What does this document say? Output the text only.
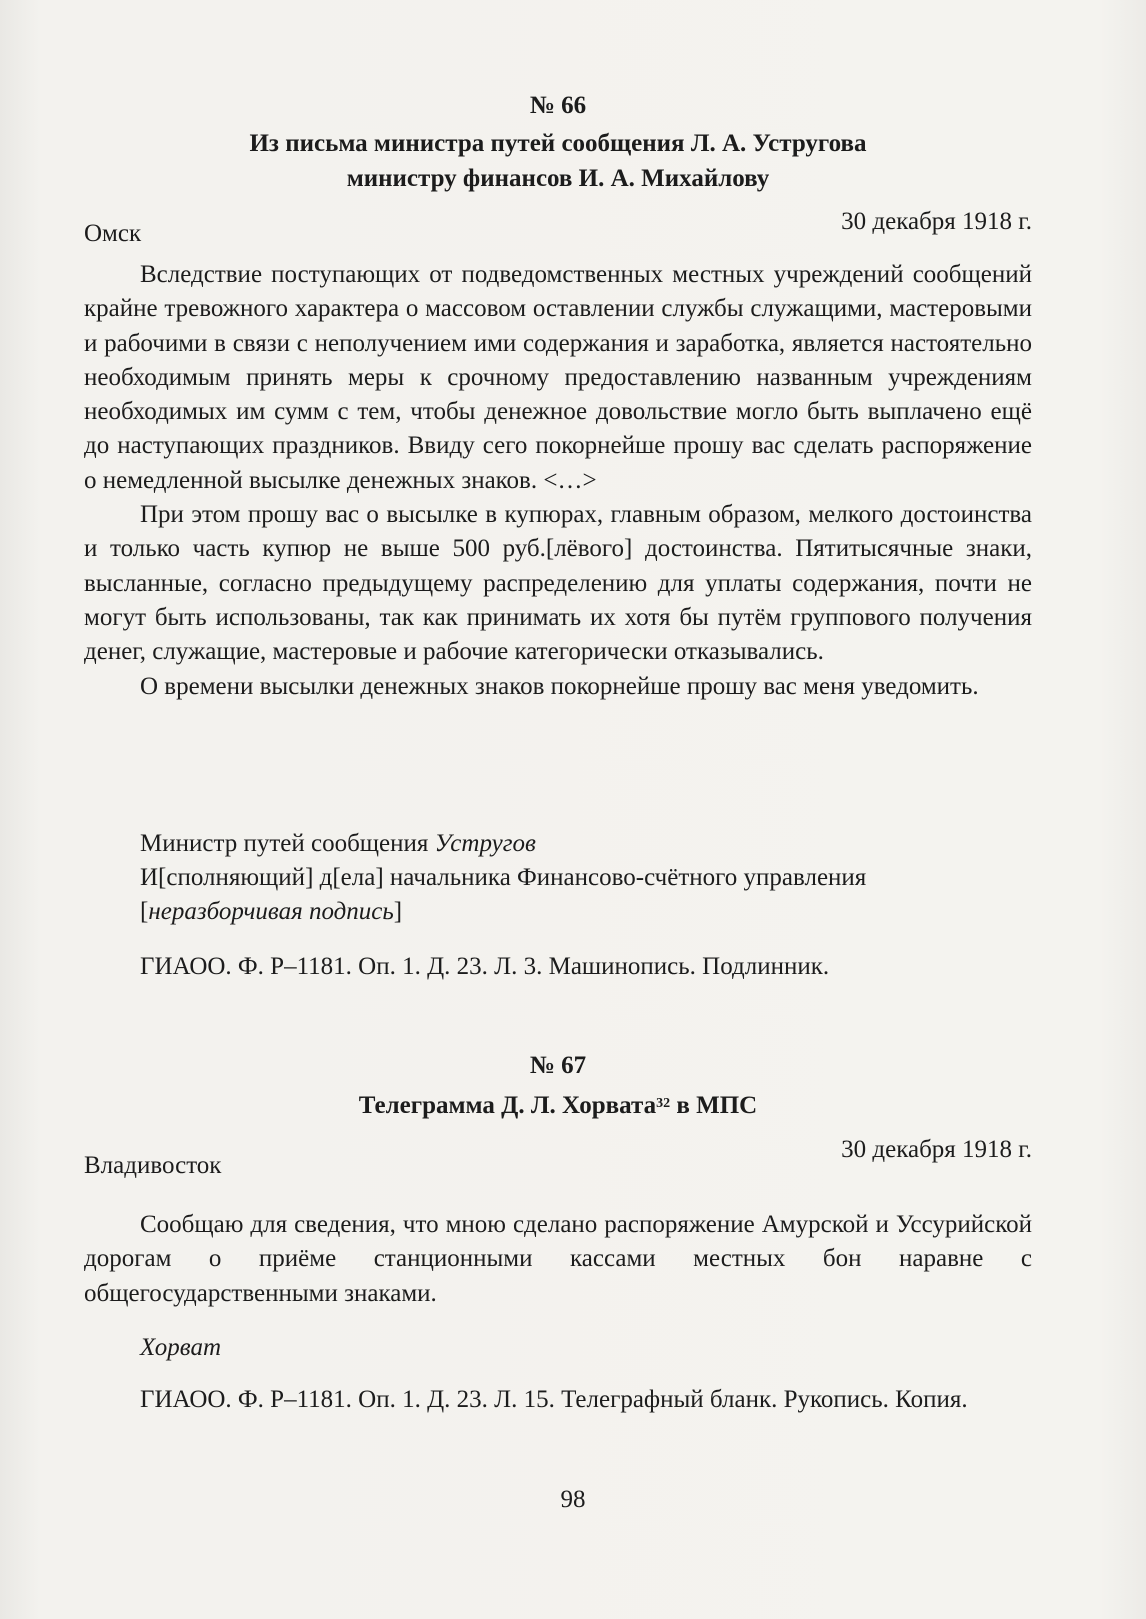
№ 66
Из письма министра путей сообщения Л. А. Устругова
министру финансов И. А. Михайлову
Омск	30 декабря 1918 г.

Вследствие поступающих от подведомственных местных учреждений сообщений крайне тревожного характера о массовом оставлении службы служащими, мастеровыми и рабочими в связи с неполучением ими содержания и заработка, является настоятельно необходимым принять меры к срочному предоставлению названным учреждениям необходимых им сумм с тем, чтобы денежное довольствие могло быть выплачено ещё до наступающих праздников. Ввиду сего покорнейше прошу вас сделать распоряжение о немедленной высылке денежных знаков. <…>

При этом прошу вас о высылке в купюрах, главным образом, мелкого достоинства и только часть купюр не выше 500 руб.[лёвого] достоинства. Пятитысячные знаки, высланные, согласно предыдущему распределению для уплаты содержания, почти не могут быть использованы, так как принимать их хотя бы путём группового получения денег, служащие, мастеровые и рабочие категорически отказывались.

О времени высылки денежных знаков покорнейше прошу вас меня уведомить.

Министр путей сообщения Устругов

И[сполняющий] д[ела] начальника Финансово-счётного управления

[неразборчивая подпись]

ГИАОО. Ф. Р–1181. Оп. 1. Д. 23. Л. 3. Машинопись. Подлинник.

№ 67
Телеграмма Д. Л. Хорвата$^{32}$ в МПС
Владивосток
30 декабря 1918 г.

Сообщаю для сведения, что мною сделано распоряжение Амурской и Уссурийской дорогам о приёме станционными кассами местных бон наравне с общегосударственными знаками.

Хорват

ГИАОО. Ф. Р–1181. Оп. 1. Д. 23. Л. 15. Телеграфный бланк. Рукопись. Копия.

98
